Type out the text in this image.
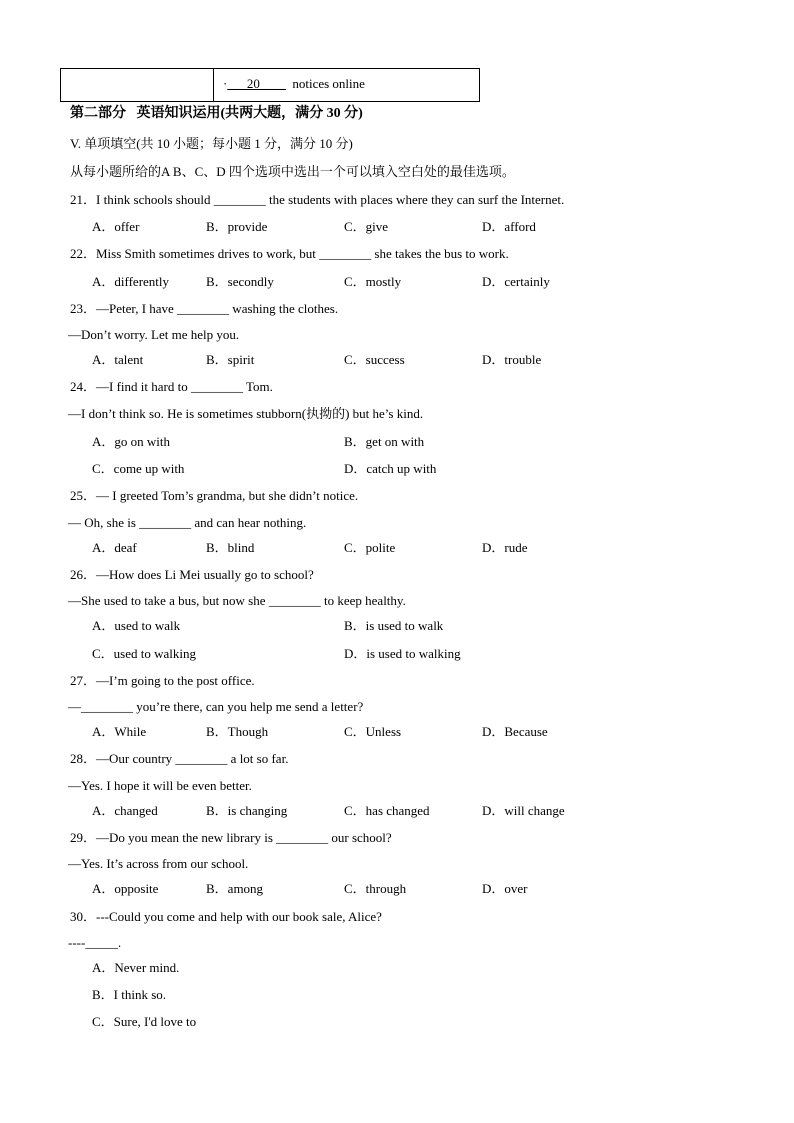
·___20____  notices online
第二部分   英语知识运用(共两大题，满分 30 分)
V. 单项填空(共 10 小题；每小题 1 分，满分 10 分)
从每小题所给的A B、C、D 四个选项中选出一个可以填入空白处的最佳选项。
21．I think schools should ________ the students with places where they can surf the Internet.
A．offer	B．provide	C．give	D．afford
22．Miss Smith sometimes drives to work, but ________ she takes the bus to work.
A．differently	B．secondly	C．mostly	D．certainly
23．—Peter, I have ________ washing the clothes.
—Don’t worry. Let me help you.
A．talent	B．spirit	C．success	D．trouble
24．—I find it hard to ________ Tom.
—I don’t think so. He is sometimes stubborn(执拗的) but he’s kind.
A．go on with	B．get on with
C．come up with	D．catch up with
25．— I greeted Tom’s grandma, but she didn’t notice.
— Oh, she is ________ and can hear nothing.
A．deaf	B．blind	C．polite	D．rude
26．—How does Li Mei usually go to school?
—She used to take a bus, but now she ________ to keep healthy.
A．used to walk	B．is used to walk
C．used to walking	D．is used to walking
27．—I’m going to the post office.
—________ you’re there, can you help me send a letter?
A．While	B．Though	C．Unless	D．Because
28．—Our country ________ a lot so far.
—Yes. I hope it will be even better.
A．changed	B．is changing	C．has changed	D．will change
29．—Do you mean the new library is ________ our school?
—Yes. It’s across from our school.
A．opposite	B．among	C．through	D．over
30．---Could you come and help with our book sale, Alice?
----_____.
A．Never mind.
B．I think so.
C．Sure, I'd love to
